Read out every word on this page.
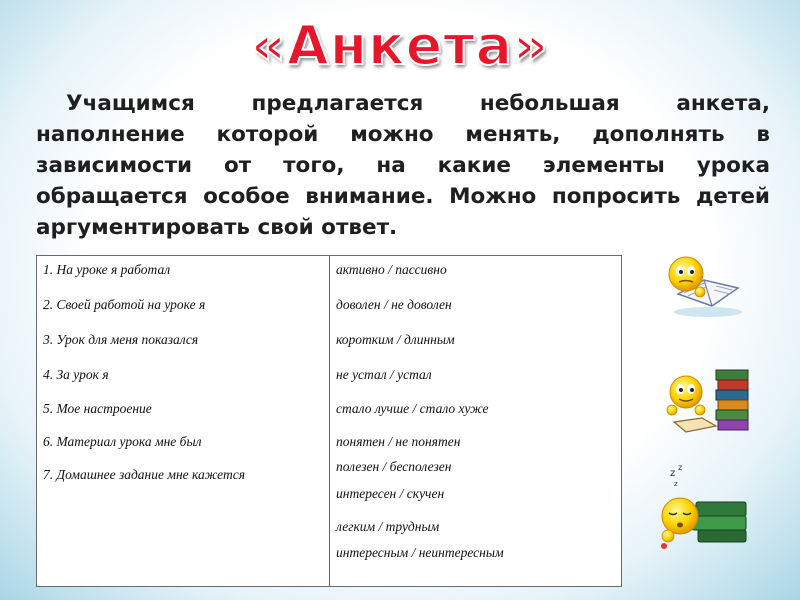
«Анкета»

Учащимся предлагается небольшая анкета, наполнение которой можно менять, дополнять в зависимости от того, на какие элементы урока обращается особое внимание. Можно попросить детей аргументировать свой ответ.

1. На уроке я работал
2. Своей работой на уроке я
3. Урок для меня показался
4. За урок я
5. Мое настроение
6. Материал урока мне был
7. Домашнее задание мне кажется
активно / пассивно
доволен / не доволен
коротким / длинным
не устал / устал
стало лучше / стало хуже
понятен / не понятен
полезен / бесполезен
интересен / скучен
легким / трудным
интересным / неинтересным
z
z
z
